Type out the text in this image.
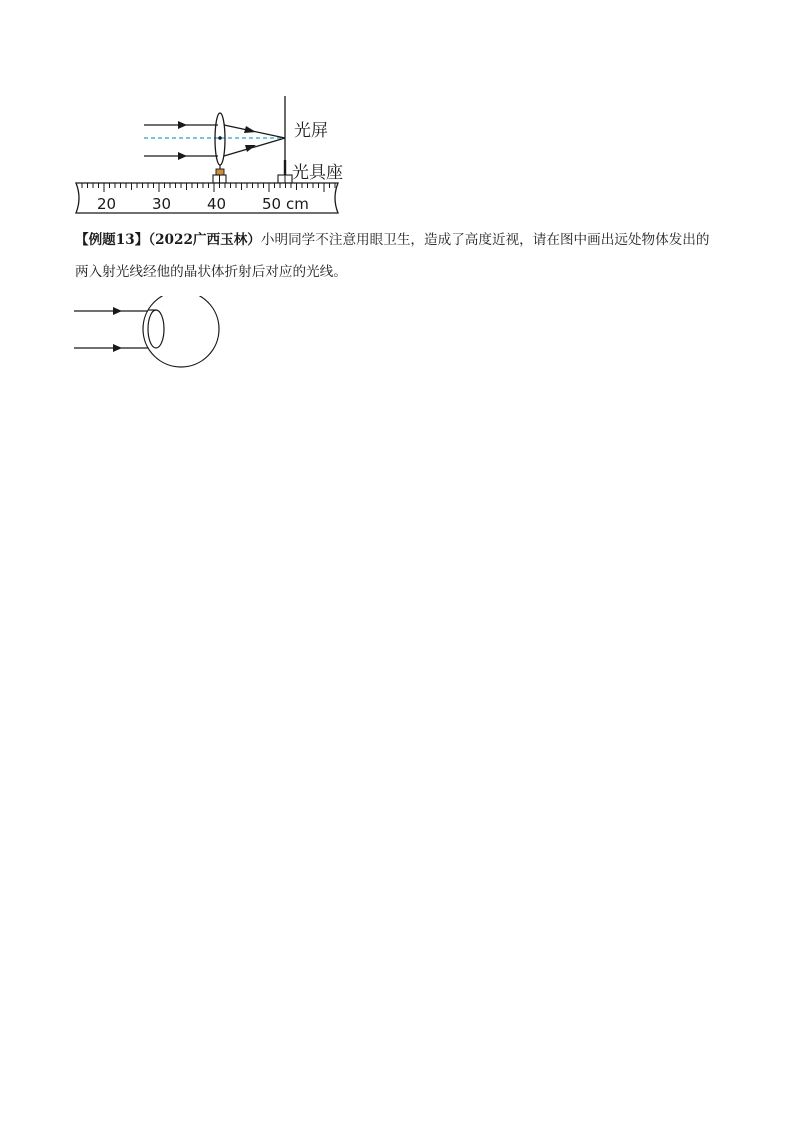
光屏
光具座
20 30 40 50 cm
【例题13】（2022广西玉林）小明同学不注意用眼卫生，造成了高度近视，请在图中画出远处物体发出的
两入射光线经他的晶状体折射后对应的光线。
